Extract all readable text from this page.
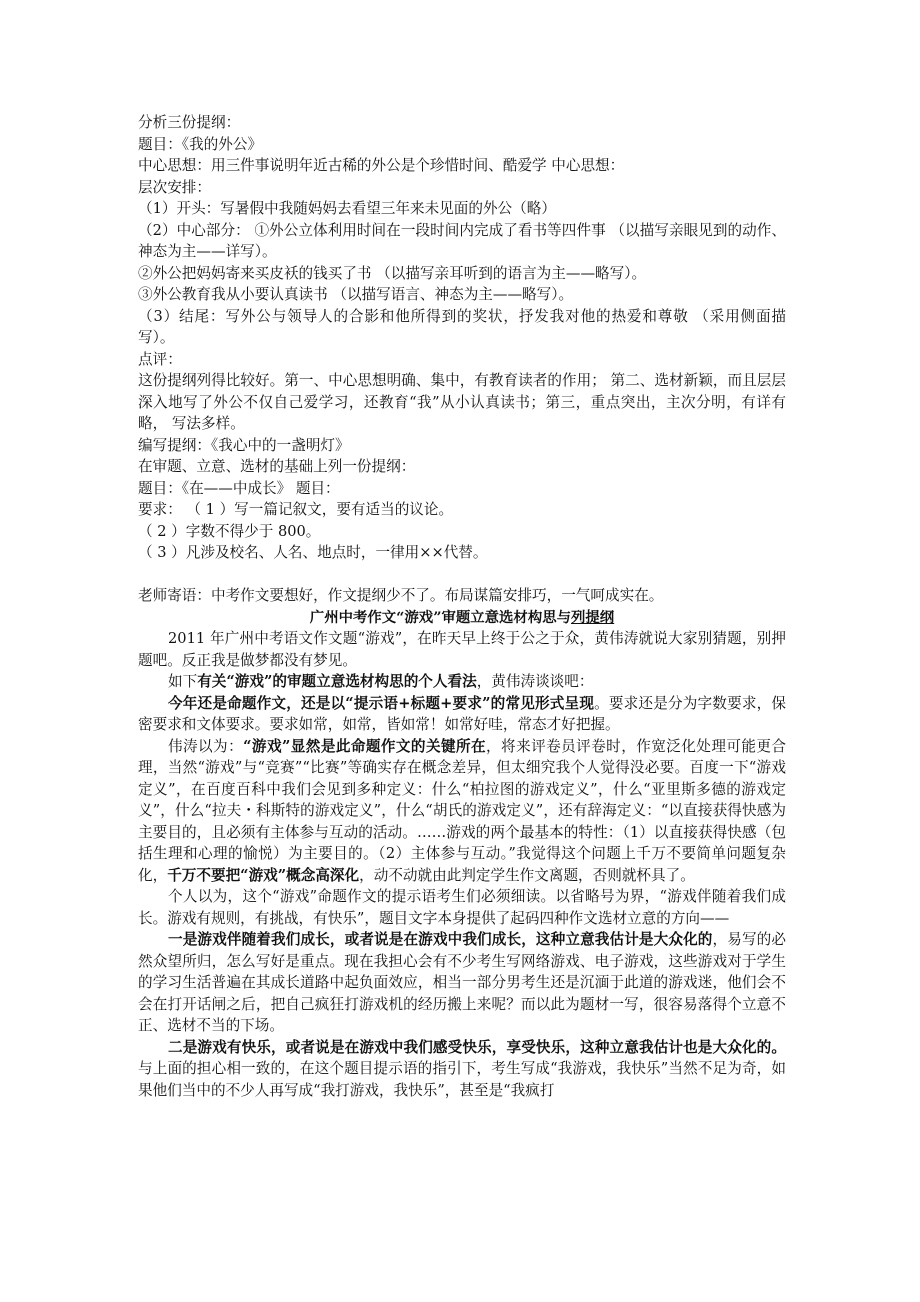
分析三份提纲：
题目：《我的外公》
中心思想：用三件事说明年近古稀的外公是个珍惜时间、酷爱学 中心思想：
层次安排：
（1）开头：写暑假中我随妈妈去看望三年来未见面的外公（略）
（2）中心部分： ①外公立体利用时间在一段时间内完成了看书等四件事 （以描写亲眼见到的动作、神态为主——详写）。
②外公把妈妈寄来买皮袄的钱买了书 （以描写亲耳听到的语言为主——略写）。
③外公教育我从小要认真读书 （以描写语言、神态为主——略写）。
（3）结尾：写外公与领导人的合影和他所得到的奖状，抒发我对他的热爱和尊敬 （采用侧面描写）。
点评：
这份提纲列得比较好。第一、中心思想明确、集中，有教育读者的作用； 第二、选材新颖，而且层层深入地写了外公不仅自己爱学习，还教育“我”从小认真读书；第三，重点突出，主次分明，有详有略， 写法多样。
编写提纲：《我心中的一盏明灯》
在审题、立意、选材的基础上列一份提纲：
题目：《在——中成长》 题目：
要求： （ 1 ）写一篇记叙文，要有适当的议论。
（ 2 ）字数不得少于 800。
（ 3 ）凡涉及校名、人名、地点时，一律用××代替。
老师寄语：中考作文要想好，作文提纲少不了。布局谋篇安排巧，一气呵成实在。
广州中考作文“游戏”审题立意选材构思与列提纲

2011 年广州中考语文作文题“游戏”，在昨天早上终于公之于众，黄伟涛就说大家别猜题，别押题吧。反正我是做梦都没有梦见。

如下有关“游戏”的审题立意选材构思的个人看法，黄伟涛谈谈吧：

今年还是命题作文，还是以“提示语+标题+要求”的常见形式呈现。要求还是分为字数要求，保密要求和文体要求。要求如常，如常，皆如常！如常好哇，常态才好把握。

伟涛以为：“游戏”显然是此命题作文的关键所在，将来评卷员评卷时，作宽泛化处理可能更合理，当然“游戏”与“竞赛”“比赛”等确实存在概念差异，但太细究我个人觉得没必要。百度一下“游戏定义”，在百度百科中我们会见到多种定义：什么“柏拉图的游戏定义”，什么“亚里斯多德的游戏定义”，什么“拉夫・科斯特的游戏定义”，什么“胡氏的游戏定义”，还有辞海定义：“以直接获得快感为主要目的，且必须有主体参与互动的活动。……游戏的两个最基本的特性：（1）以直接获得快感（包括生理和心理的愉悦）为主要目的。（2）主体参与互动。”我觉得这个问题上千万不要简单问题复杂化，千万不要把“游戏”概念高深化，动不动就由此判定学生作文离题，否则就杯具了。

个人以为，这个“游戏”命题作文的提示语考生们必须细读。以省略号为界，“游戏伴随着我们成长。游戏有规则，有挑战，有快乐”，题目文字本身提供了起码四种作文选材立意的方向——

一是游戏伴随着我们成长，或者说是在游戏中我们成长，这种立意我估计是大众化的，易写的必然众望所归，怎么写好是重点。现在我担心会有不少考生写网络游戏、电子游戏，这些游戏对于学生的学习生活普遍在其成长道路中起负面效应，相当一部分男考生还是沉湎于此道的游戏迷，他们会不会在打开话闸之后，把自己疯狂打游戏机的经历搬上来呢？而以此为题材一写，很容易落得个立意不正、选材不当的下场。

二是游戏有快乐，或者说是在游戏中我们感受快乐，享受快乐，这种立意我估计也是大众化的。与上面的担心相一致的，在这个题目提示语的指引下，考生写成“我游戏，我快乐”当然不足为奇，如果他们当中的不少人再写成“我打游戏，我快乐”，甚至是“我疯打
